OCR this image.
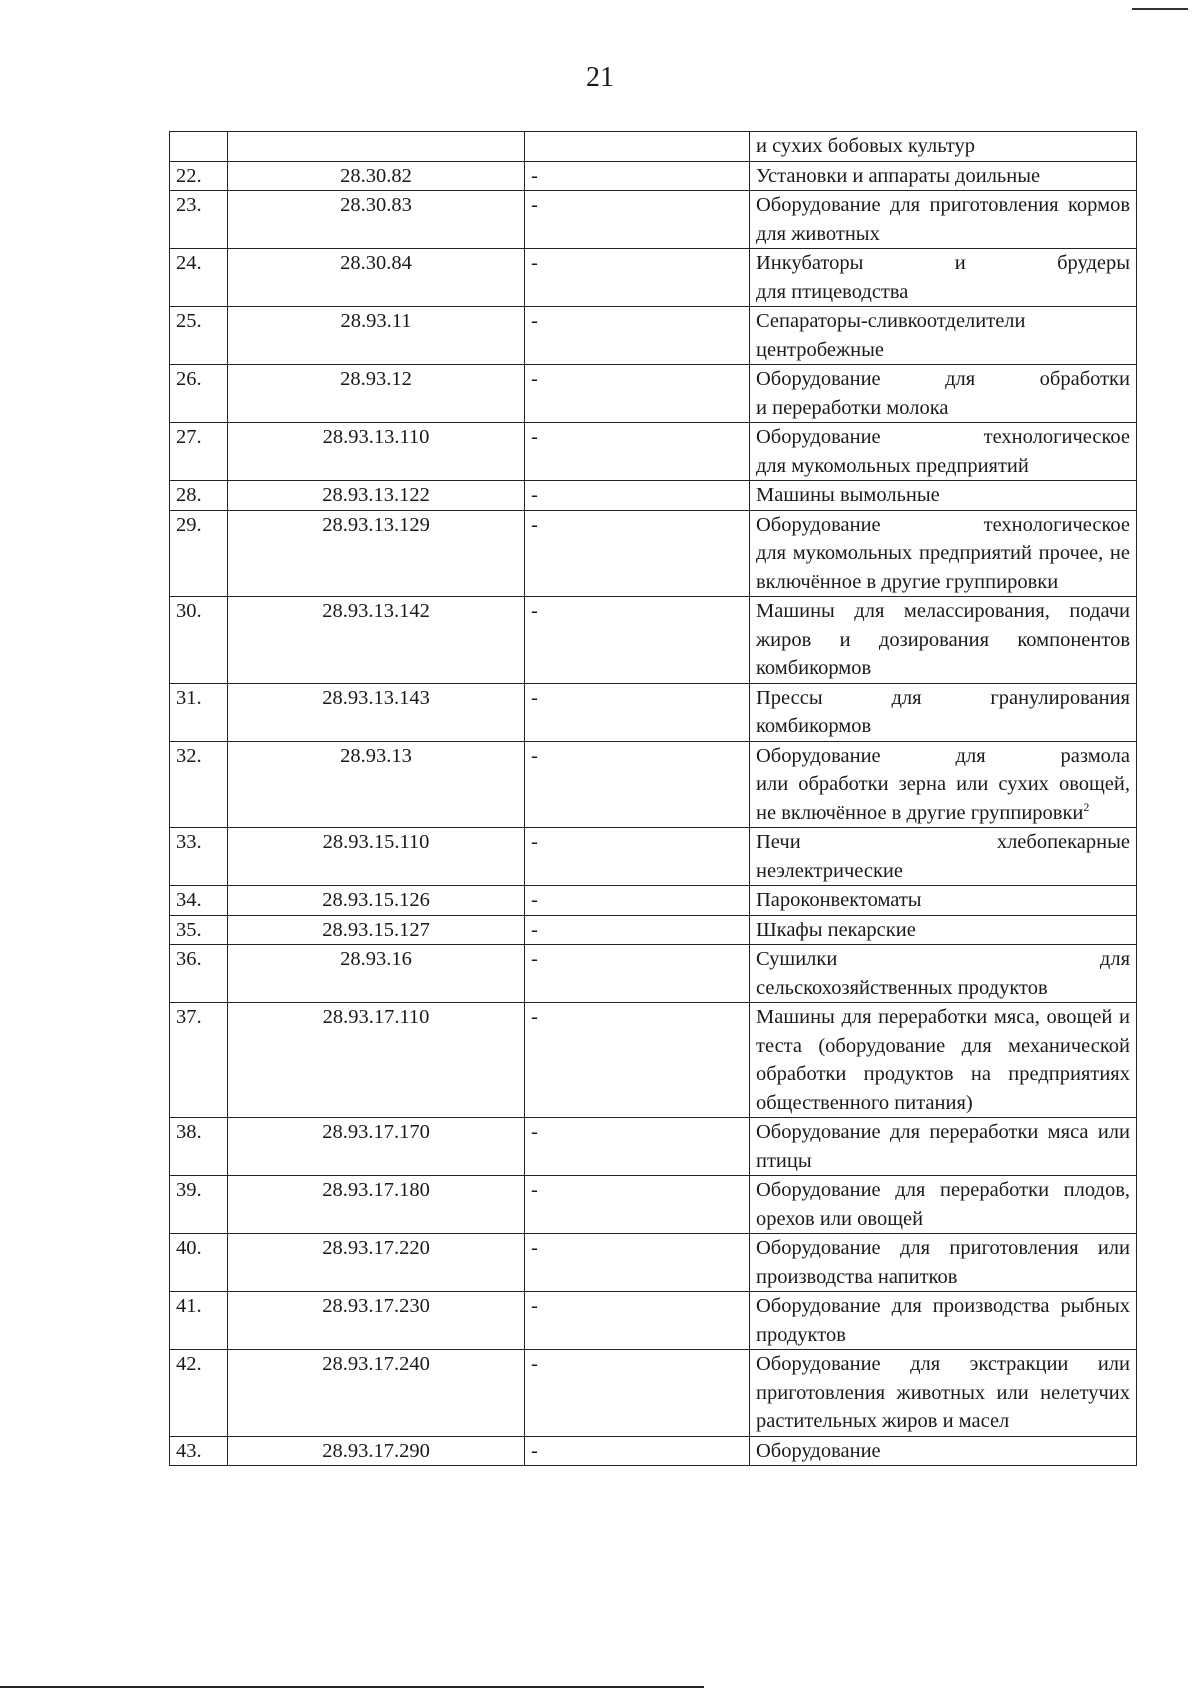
21
			и сухих бобовых культур
22.	28.30.82	-	Установки и аппараты доильные
23.	28.30.83	-	Оборудование для приготовления кормов для животных
24.	28.30.84	-	Инкубаторы и брудеры
для птицеводства

25.	28.93.11	-	Сепараторы-сливкоотделители
центробежные

26.	28.93.12	-	Оборудование для обработки
и переработки молока

27.	28.93.13.110	-	Оборудование технологическое
для мукомольных предприятий

28.	28.93.13.122	-	Машины вымольные
29.	28.93.13.129	-	Оборудование технологическое
для мукомольных предприятий прочее, не включённое в другие группировки

30.	28.93.13.142	-	Машины для мелассирования, подачи жиров и дозирования компонентов комбикормов
31.	28.93.13.143	-	Прессы для гранулирования
комбикормов

32.	28.93.13	-	Оборудование для размола
или обработки зерна или сухих овощей, не включённое в другие группировки$^2$

33.	28.93.15.110	-	Печи хлебопекарные
неэлектрические

34.	28.93.15.126	-	Пароконвектоматы
35.	28.93.15.127	-	Шкафы пекарские
36.	28.93.16	-	Сушилки для
сельскохозяйственных продуктов

37.	28.93.17.110	-	Машины для переработки мяса, овощей и теста (оборудование для механической обработки продуктов на предприятиях общественного питания)
38.	28.93.17.170	-	Оборудование для переработки мяса или птицы
39.	28.93.17.180	-	Оборудование для переработки плодов, орехов или овощей
40.	28.93.17.220	-	Оборудование для приготовления или производства напитков
41.	28.93.17.230	-	Оборудование для производства рыбных продуктов
42.	28.93.17.240	-	Оборудование для экстракции или приготовления животных или нелетучих растительных жиров и масел
43.	28.93.17.290	-	Оборудование
